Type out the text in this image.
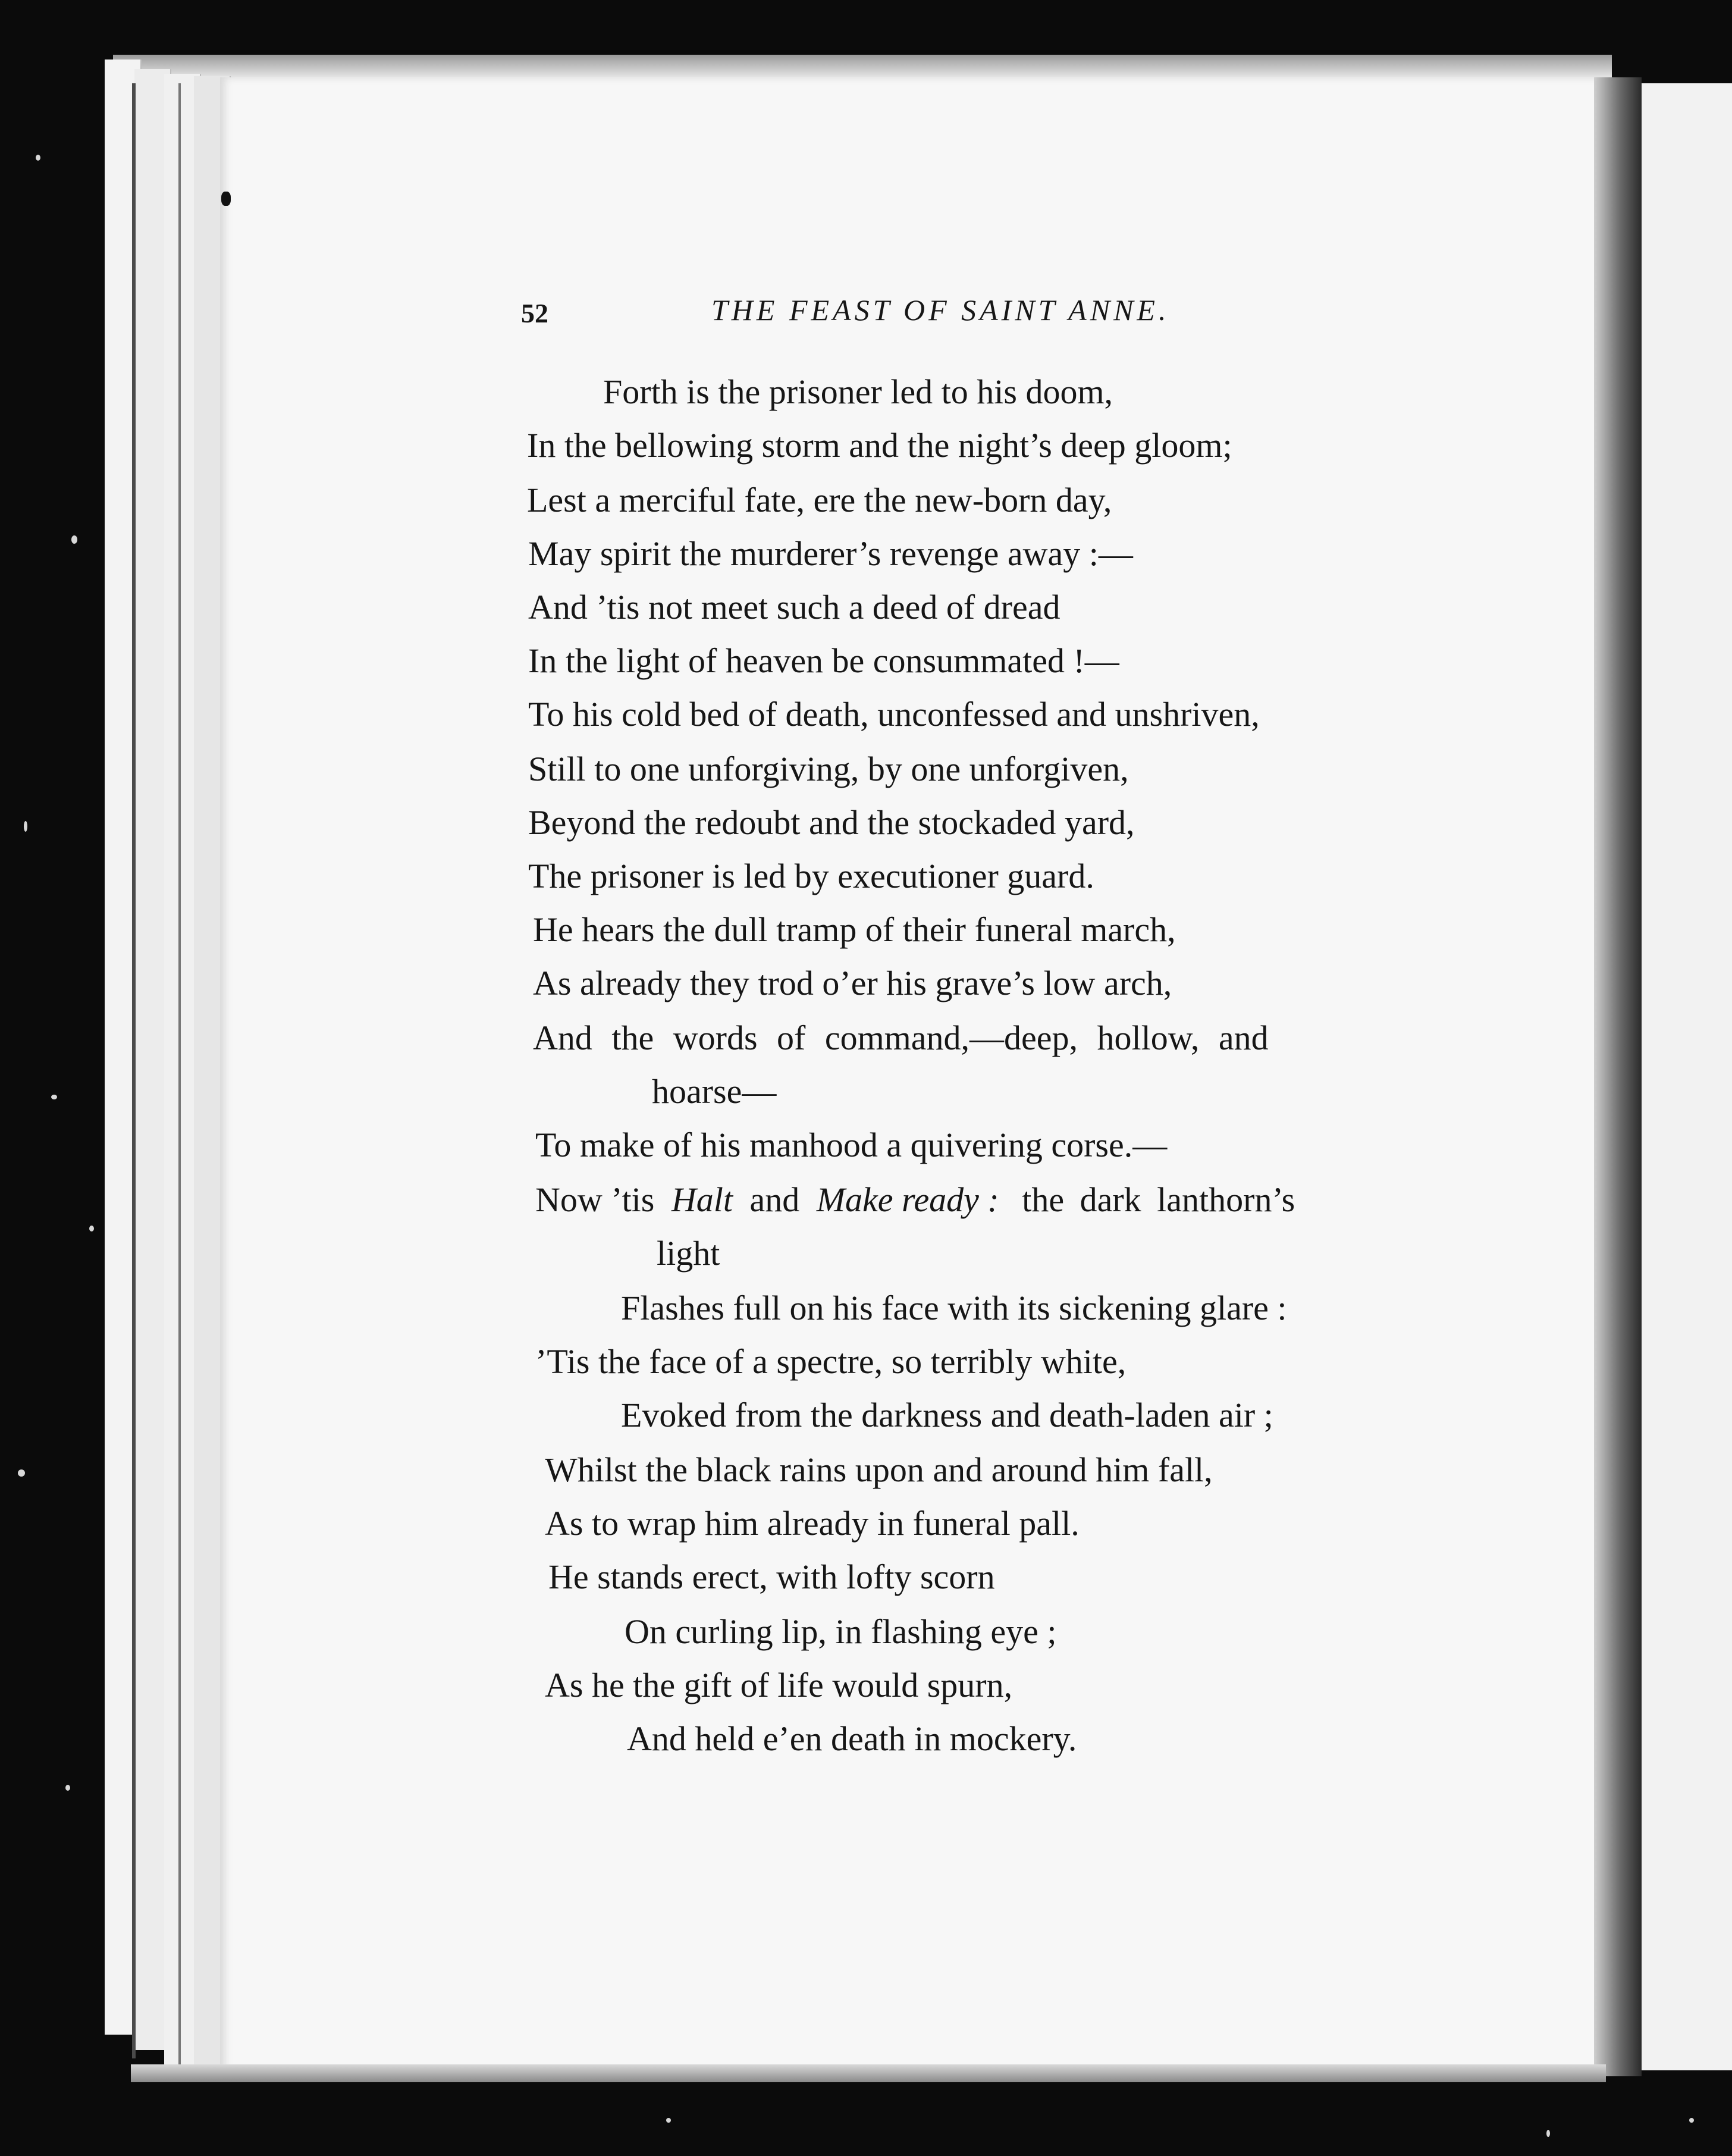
52	THE FEAST OF SAINT ANNE.
Forth is the prisoner led to his doom,
In the bellowing storm and the night’s deep gloom;
Lest a merciful fate, ere the new-born day,
May spirit the murderer’s revenge away :—
And ’tis not meet such a deed of dread
In the light of heaven be consummated !—
To his cold bed of death, unconfessed and unshriven,
Still to one unforgiving, by one unforgiven,
Beyond the redoubt and the stockaded yard,
The prisoner is led by executioner guard.
He hears the dull tramp of their funeral march,
As already they trod o’er his grave’s low arch,
And the words of command,—deep, hollow, and
hoarse—
To make of his manhood a quivering corse.—
Now ’tis Halt and Make ready : the dark lanthorn’s
light
Flashes full on his face with its sickening glare :
’Tis the face of a spectre, so terribly white,
Evoked from the darkness and death-laden air ;
Whilst the black rains upon and around him fall,
As to wrap him already in funeral pall.
He stands erect, with lofty scorn
On curling lip, in flashing eye ;
As he the gift of life would spurn,
And held e’en death in mockery.
